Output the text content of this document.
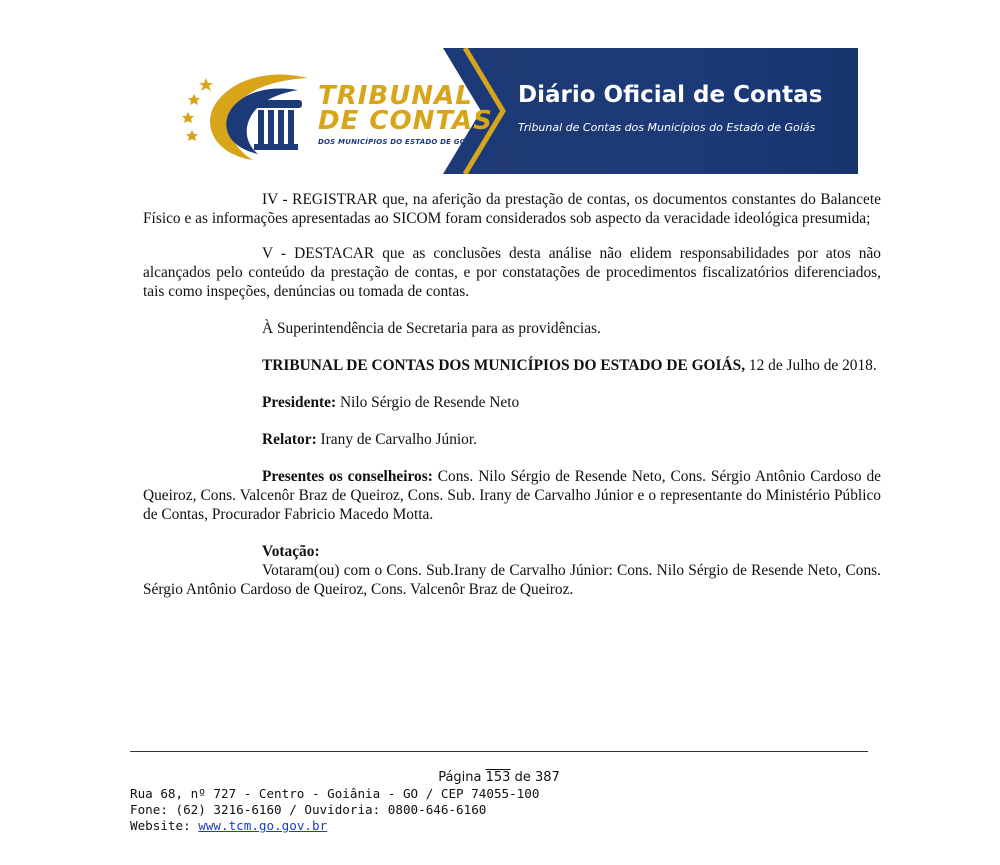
TRIBUNAL
DE CONTAS
DOS MUNICÍPIOS DO ESTADO DE GOIÁS
Diário Oficial de Contas
Tribunal de Contas dos Municípios do Estado de Goiás

IV - REGISTRAR que, na aferição da prestação de contas, os documentos constantes do Balancete Físico e as informações apresentadas ao SICOM foram considerados sob aspecto da veracidade ideológica presumida;

V - DESTACAR que as conclusões desta análise não elidem responsabilidades por atos não alcançados pelo conteúdo da prestação de contas, e por constatações de procedimentos fiscalizatórios diferenciados, tais como inspeções, denúncias ou tomada de contas.

À Superintendência de Secretaria para as providências.

TRIBUNAL DE CONTAS DOS MUNICÍPIOS DO ESTADO DE GOIÁS, 12 de Julho de 2018.

Presidente: Nilo Sérgio de Resende Neto

Relator: Irany de Carvalho Júnior.

Presentes os conselheiros: Cons. Nilo Sérgio de Resende Neto, Cons. Sérgio Antônio Cardoso de Queiroz, Cons. Valcenôr Braz de Queiroz, Cons. Sub. Irany de Carvalho Júnior e o representante do Ministério Público de Contas, Procurador Fabricio Macedo Motta.

Votação:

Votaram(ou) com o Cons. Sub.Irany de Carvalho Júnior: Cons. Nilo Sérgio de Resende Neto, Cons. Sérgio Antônio Cardoso de Queiroz, Cons. Valcenôr Braz de Queiroz.

Página 153 de 387
Rua 68, nº 727 - Centro - Goiânia - GO / CEP 74055-100
Fone: (62) 3216-6160 / Ouvidoria: 0800-646-6160
Website: www.tcm.go.gov.br
